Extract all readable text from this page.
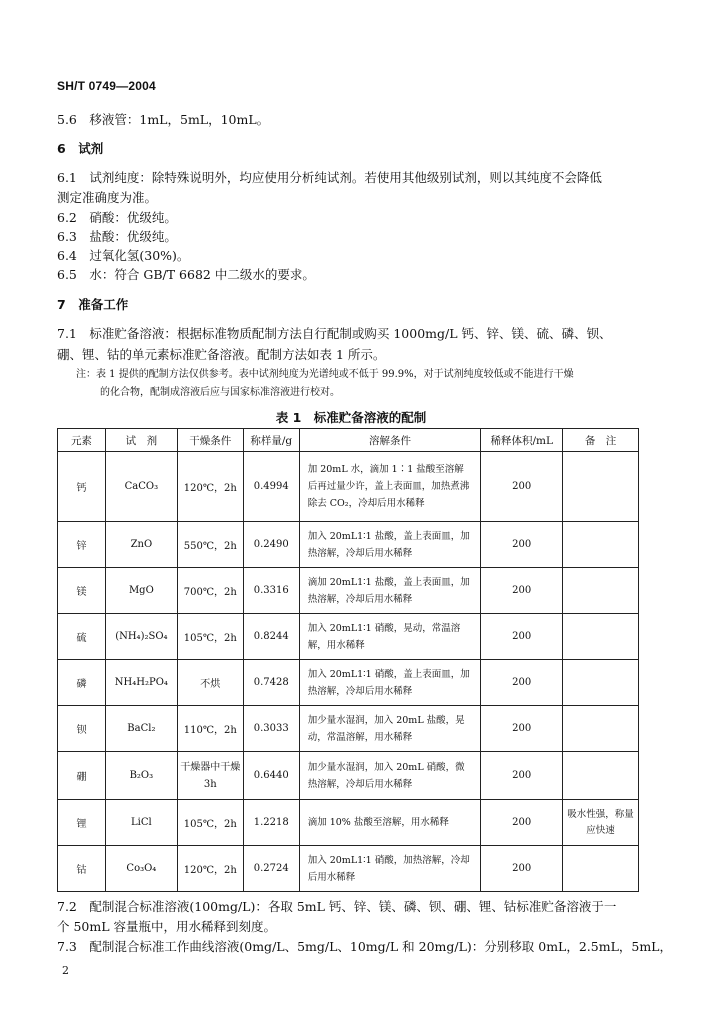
SH/T 0749—2004
5.6　移液管：1mL，5mL，10mL。
6　试剂
6.1　试剂纯度：除特殊说明外，均应使用分析纯试剂。若使用其他级别试剂，则以其纯度不会降低
测定准确度为准。
6.2　硝酸：优级纯。
6.3　盐酸：优级纯。
6.4　过氧化氢(30%)。
6.5　水：符合 GB/T 6682 中二级水的要求。
7　准备工作
7.1　标准贮备溶液：根据标准物质配制方法自行配制或购买 1000mg/L 钙、锌、镁、硫、磷、钡、
硼、锂、钴的单元素标准贮备溶液。配制方法如表 1 所示。
注：表 1 提供的配制方法仅供参考。表中试剂纯度为光谱纯或不低于 99.9%，对于试剂纯度较低或不能进行干燥
的化合物，配制成溶液后应与国家标准溶液进行校对。
表 1　标准贮备溶液的配制
元素	试　剂	干燥条件	称样量/g	溶解条件	稀释体积/mL	备　注
钙	CaCO₃	120℃，2h	0.4994	加 20mL 水，滴加 1∶1 盐酸至溶解后再过量少许，盖上表面皿，加热煮沸除去 CO₂，冷却后用水稀释	200	
锌	ZnO	550℃，2h	0.2490	加入 20mL1∶1 盐酸，盖上表面皿，加热溶解，冷却后用水稀释	200	
镁	MgO	700℃，2h	0.3316	滴加 20mL1∶1 盐酸，盖上表面皿，加热溶解，冷却后用水稀释	200	
硫	(NH₄)₂SO₄	105℃，2h	0.8244	加入 20mL1∶1 硝酸，晃动，常温溶解，用水稀释	200	
磷	NH₄H₂PO₄	不烘	0.7428	加入 20mL1∶1 硝酸，盖上表面皿，加热溶解，冷却后用水稀释	200	
钡	BaCl₂	110℃，2h	0.3033	加少量水湿润，加入 20mL 盐酸，晃动，常温溶解，用水稀释	200	
硼	B₂O₃	干燥器中干燥 3h	0.6440	加少量水湿润，加入 20mL 硝酸，微热溶解，冷却后用水稀释	200	
锂	LiCl	105℃，2h	1.2218	滴加 10% 盐酸至溶解，用水稀释	200	吸水性强，称量应快速
钴	Co₃O₄	120℃，2h	0.2724	加入 20mL1∶1 硝酸，加热溶解，冷却后用水稀释	200	
7.2　配制混合标准溶液(100mg/L)：各取 5mL 钙、锌、镁、磷、钡、硼、锂、钴标准贮备溶液于一
个 50mL 容量瓶中，用水稀释到刻度。
7.3　配制混合标准工作曲线溶液(0mg/L、5mg/L、10mg/L 和 20mg/L)：分别移取 0mL，2.5mL，5mL，
2
